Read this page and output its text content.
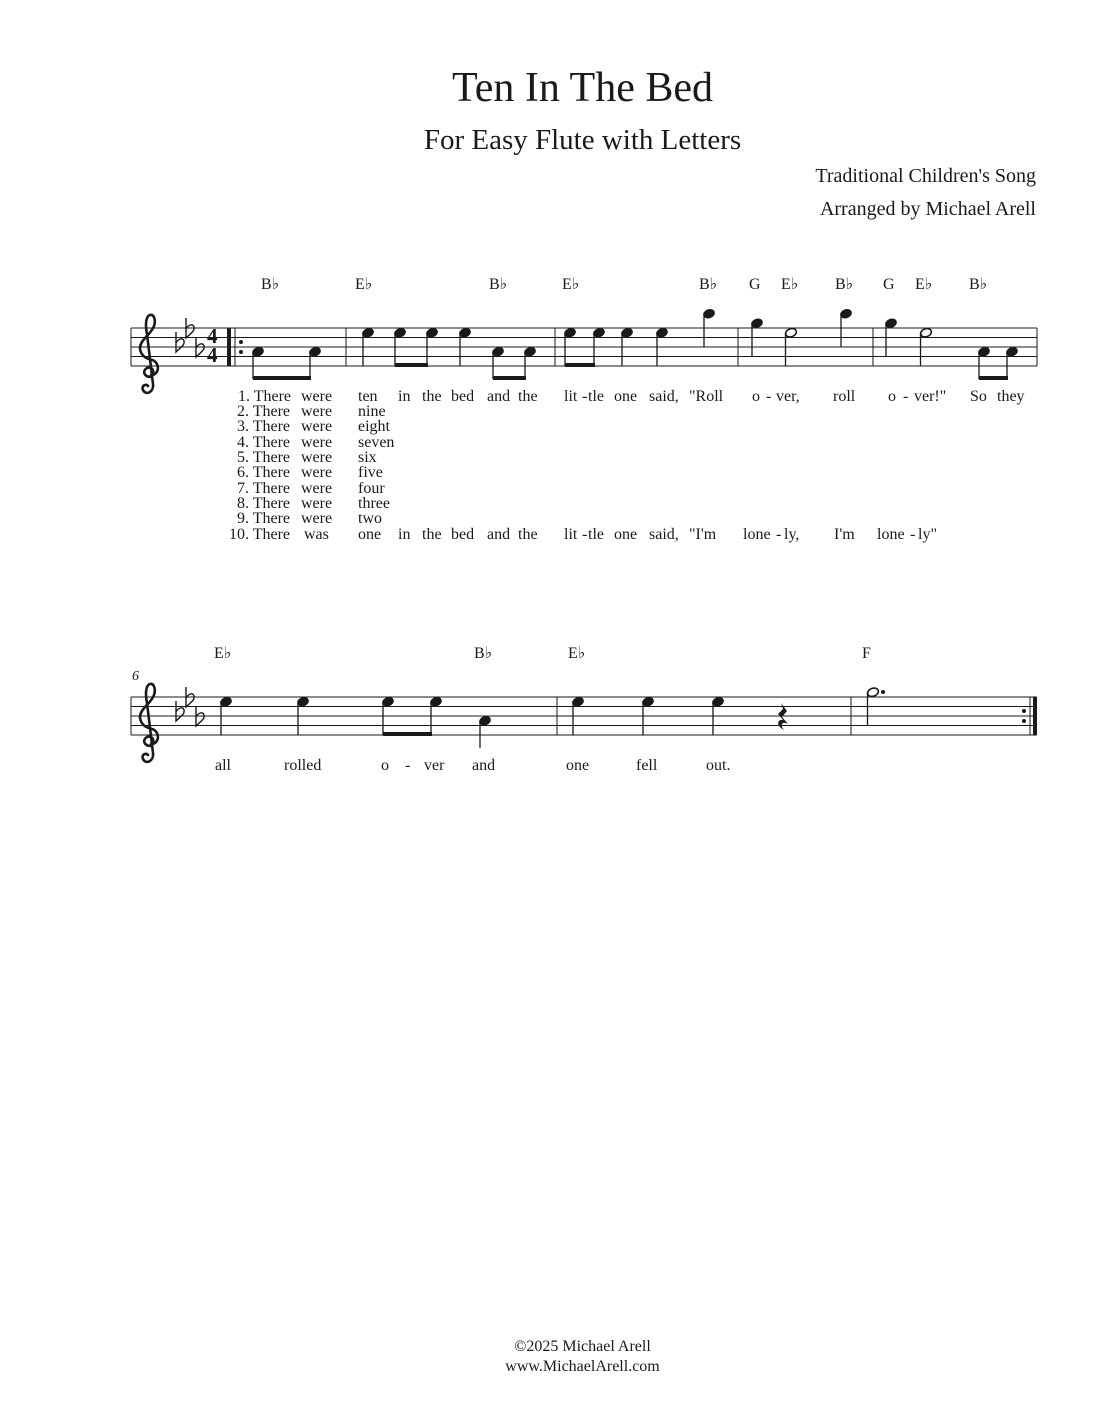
Ten In The Bed
For Easy Flute with Letters
Traditional Children's Song
Arranged by Michael Arell
4
4
B♭	E♭	B♭	E♭	B♭ G E♭ B♭ G E♭ B♭
1. There were ten in the bed and the lit - tle one said, "Roll o - ver, roll o - ver!" So they
2. There were nine
3. There were eight
4. There were seven
5. There were six
6. There were five
7. There were four
8. There were three
9. There were two
10. There was one in the bed and the lit - tle one said, "I'm lone - ly, I'm lone - ly"
6
E♭	B♭	E♭	F
all	rolled	o - ver and	one	fell	out.
©2025 Michael Arell
www.MichaelArell.com
